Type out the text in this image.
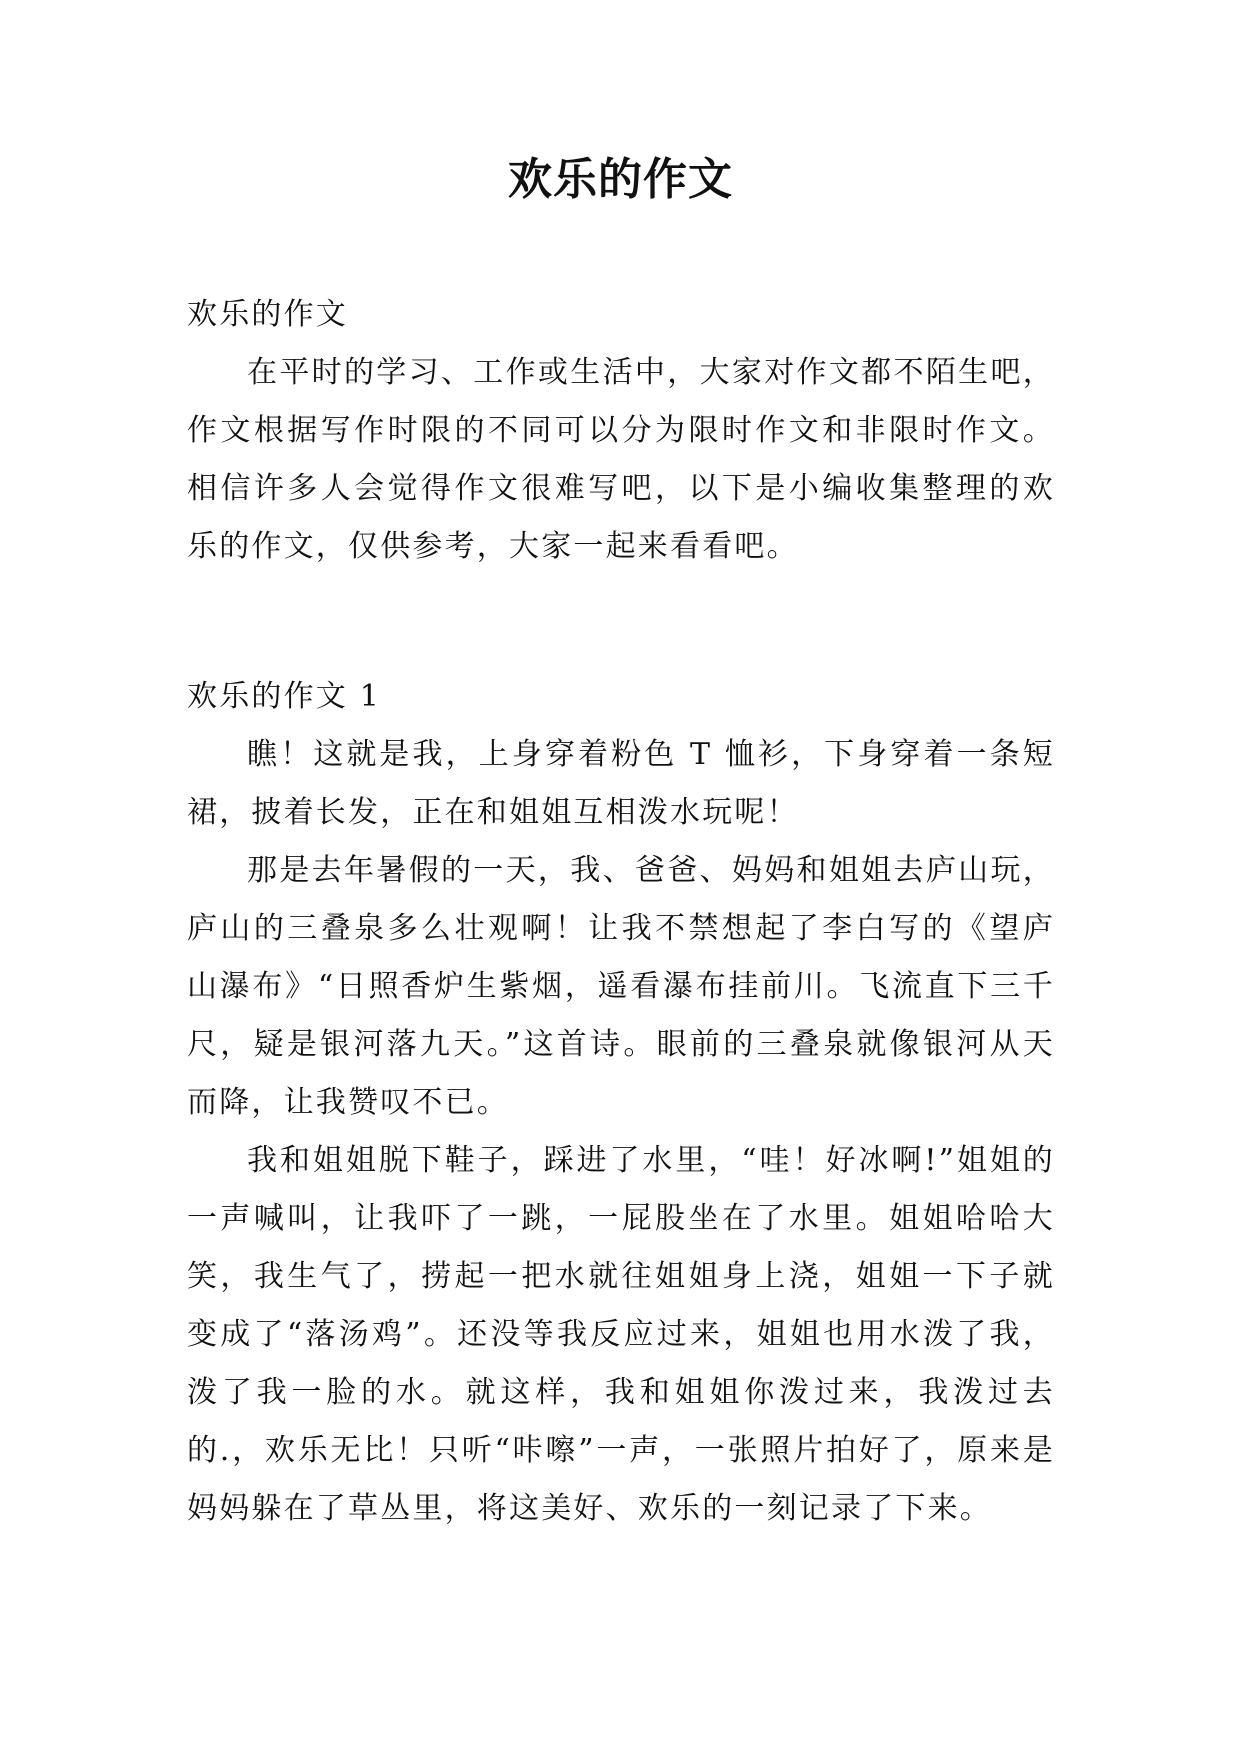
欢乐的作文

欢乐的作文

在平时的学习、工作或生活中，大家对作文都不陌生吧，作文根据写作时限的不同可以分为限时作文和非限时作文。相信许多人会觉得作文很难写吧，以下是小编收集整理的欢乐的作文，仅供参考，大家一起来看看吧。

欢乐的作文 1

瞧！这就是我，上身穿着粉色 T 恤衫，下身穿着一条短裙，披着长发，正在和姐姐互相泼水玩呢！

那是去年暑假的一天，我、爸爸、妈妈和姐姐去庐山玩，庐山的三叠泉多么壮观啊！让我不禁想起了李白写的《望庐山瀑布》“日照香炉生紫烟，遥看瀑布挂前川。飞流直下三千尺，疑是银河落九天。”这首诗。眼前的三叠泉就像银河从天而降，让我赞叹不已。

我和姐姐脱下鞋子，踩进了水里，“哇！好冰啊!”姐姐的一声喊叫，让我吓了一跳，一屁股坐在了水里。姐姐哈哈大笑，我生气了，捞起一把水就往姐姐身上浇，姐姐一下子就变成了“落汤鸡”。还没等我反应过来，姐姐也用水泼了我，泼了我一脸的水。就这样，我和姐姐你泼过来，我泼过去的.，欢乐无比！只听“咔嚓”一声，一张照片拍好了，原来是妈妈躲在了草丛里，将这美好、欢乐的一刻记录了下来。
